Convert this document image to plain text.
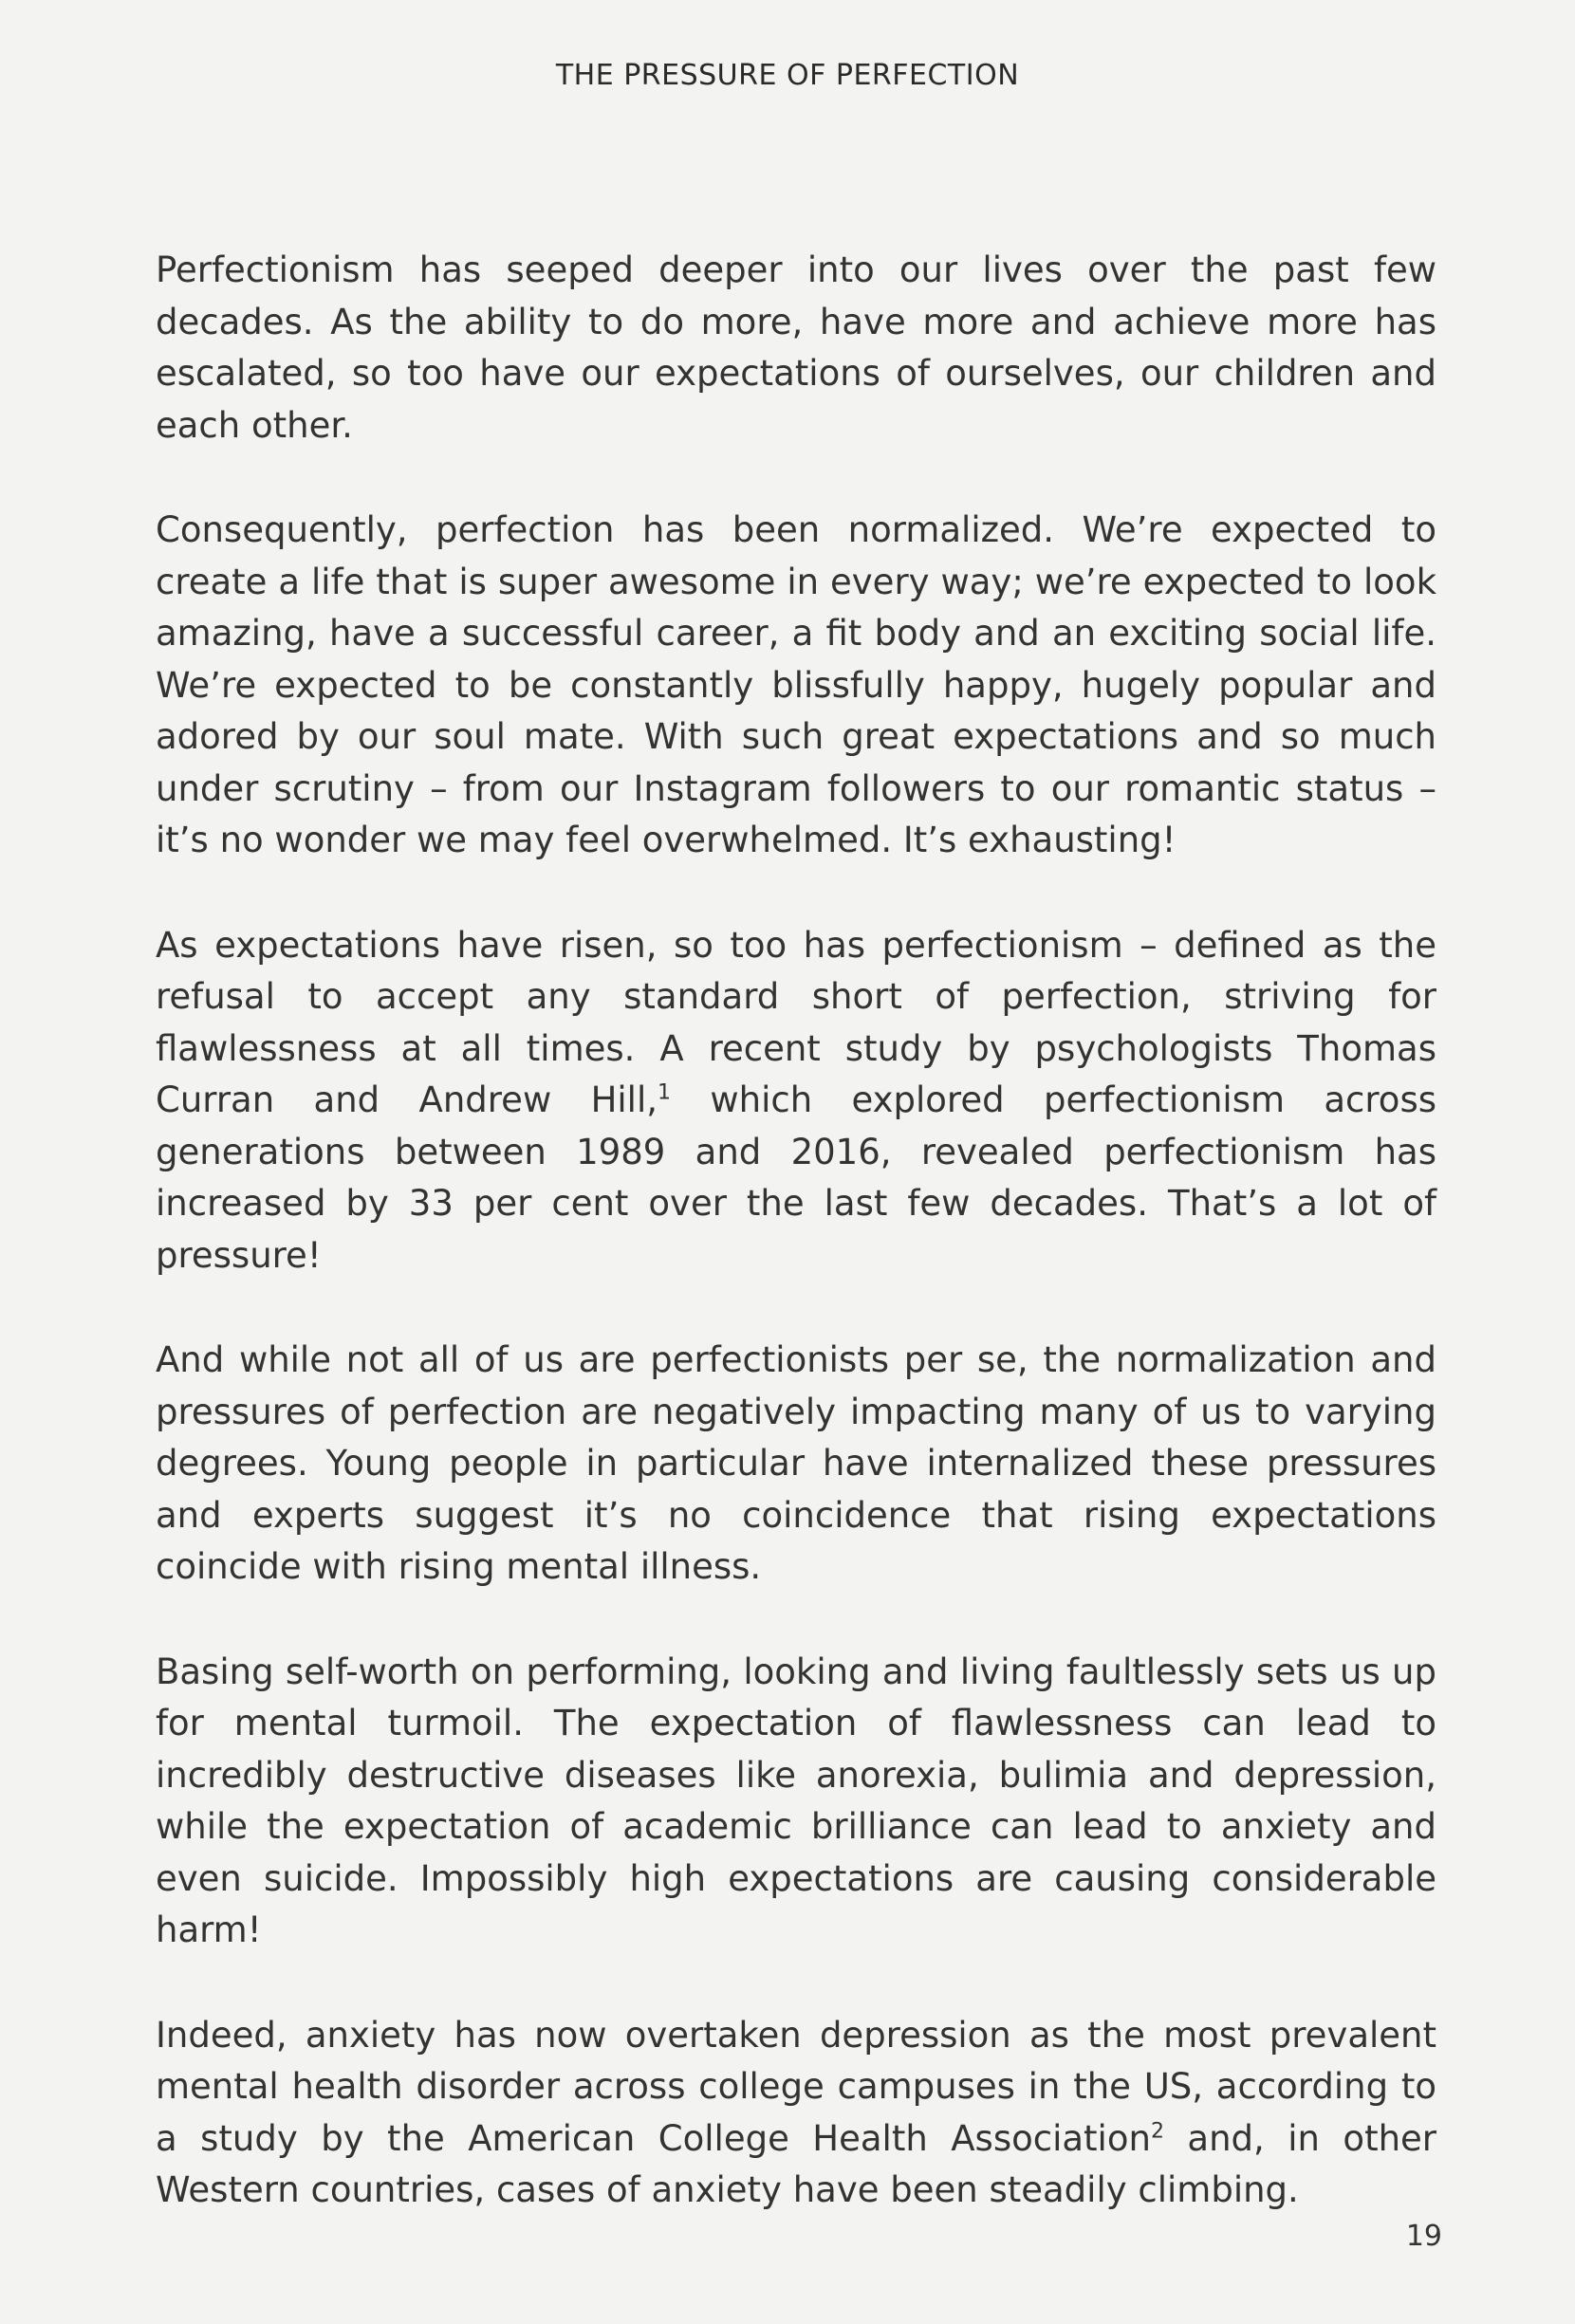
THE PRESSURE OF PERFECTION

Perfectionism has seeped deeper into our lives over the past few decades. As the ability to do more, have more and achieve more has escalated, so too have our expectations of ourselves, our children and each other.

Consequently, perfection has been normalized. We’re expected to create a life that is super awesome in every way; we’re expected to look amazing, have a successful career, a fit body and an exciting social life. We’re expected to be constantly blissfully happy, hugely popular and adored by our soul mate. With such great expectations and so much under scrutiny – from our Instagram followers to our romantic status – it’s no wonder we may feel overwhelmed. It’s exhausting!

As expectations have risen, so too has perfectionism – defined as the refusal to accept any standard short of perfection, striving for flawlessness at all times. A recent study by psychologists Thomas Curran and Andrew Hill,$^1$ which explored perfectionism across generations between 1989 and 2016, revealed perfectionism has increased by 33 per cent over the last few decades. That’s a lot of pressure!

And while not all of us are perfectionists per se, the normalization and pressures of perfection are negatively impacting many of us to varying degrees. Young people in particular have internalized these pressures and experts suggest it’s no coincidence that rising expectations coincide with rising mental illness.

Basing self-worth on performing, looking and living faultlessly sets us up for mental turmoil. The expectation of flawlessness can lead to incredibly destructive diseases like anorexia, bulimia and depression, while the expectation of academic brilliance can lead to anxiety and even suicide. Impossibly high expectations are causing considerable harm!

Indeed, anxiety has now overtaken depression as the most prevalent mental health disorder across college campuses in the US, according to a study by the American College Health Association$^2$ and, in other Western countries, cases of anxiety have been steadily climbing.

19
